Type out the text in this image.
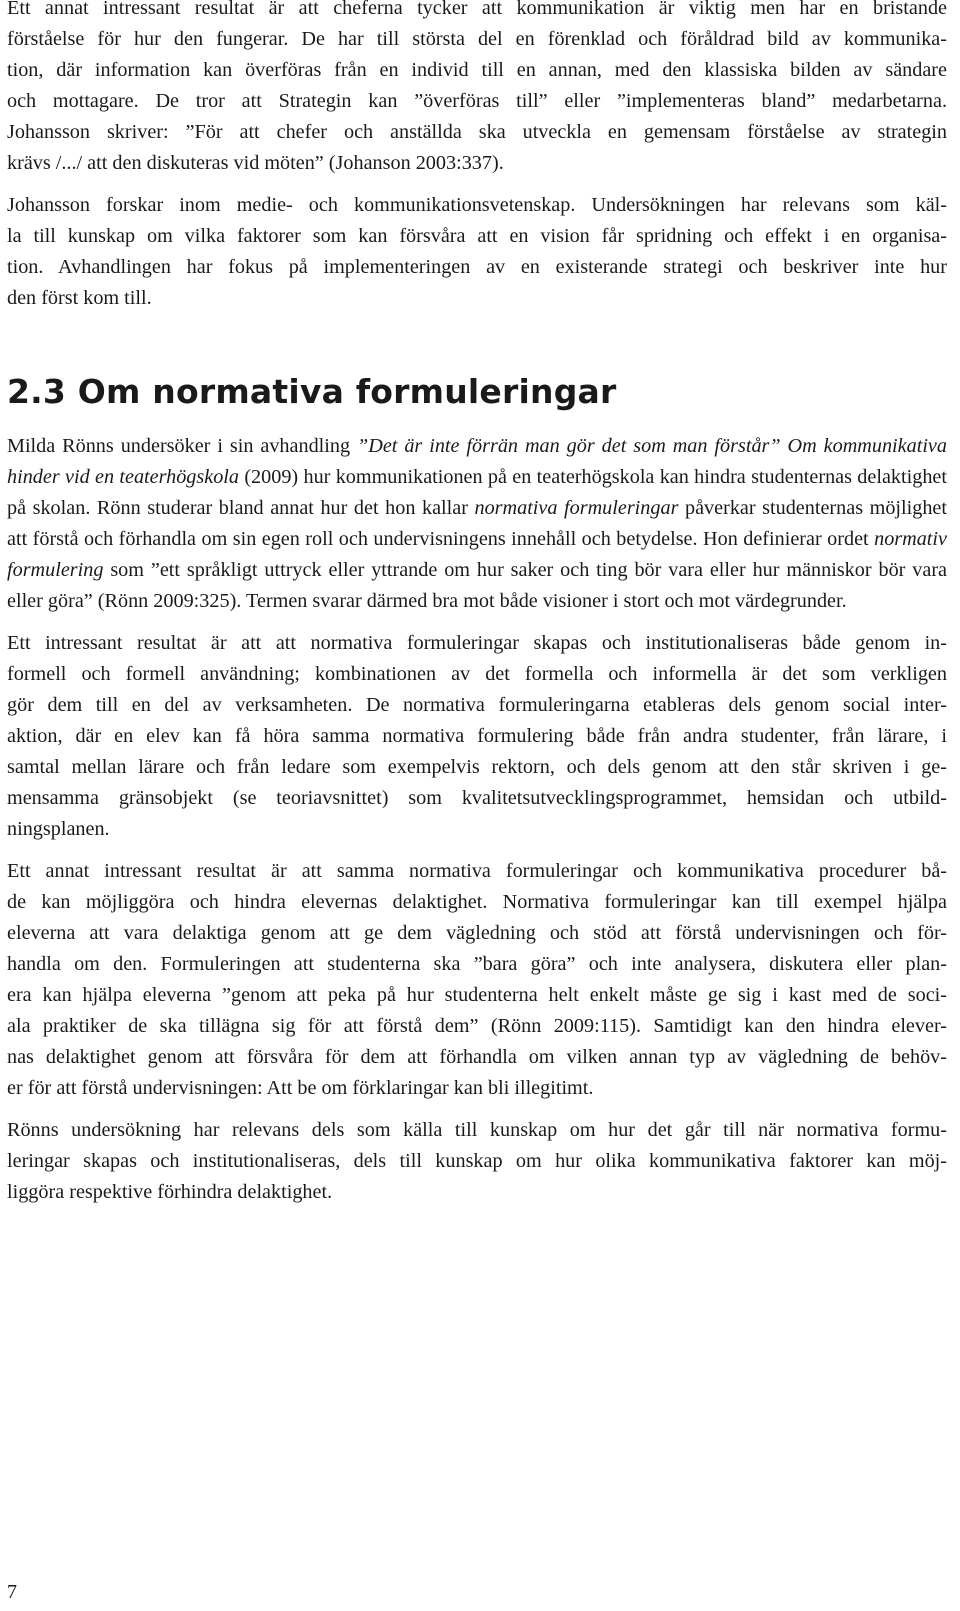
Ett annat intressant resultat är att cheferna tycker att kommunikation är viktig men har en bristande
förståelse för hur den fungerar. De har till största del en förenklad och föråldrad bild av kommunika-
tion, där information kan överföras från en individ till en annan, med den klassiska bilden av sändare
och mottagare. De tror att Strategin kan ”överföras till” eller ”implementeras bland” medarbetarna.
Johansson skriver: ”För att chefer och anställda ska utveckla en gemensam förståelse av strategin
krävs /.../ att den diskuteras vid möten” (Johanson 2003:337).

Johansson forskar inom medie- och kommunikationsvetenskap. Undersökningen har relevans som käl-
la till kunskap om vilka faktorer som kan försvåra att en vision får spridning och effekt i en organisa-
tion. Avhandlingen har fokus på implementeringen av en existerande strategi och beskriver inte hur
den först kom till.

2.3 Om normativa formuleringar

Milda Rönns undersöker i sin avhandling ”Det är inte förrän man gör det som man förstår” Om kommunikativa hinder vid en teaterhögskola (2009) hur kommunikationen på en teaterhögskola kan hindra studenternas delaktighet på skolan. Rönn studerar bland annat hur det hon kallar normativa formuleringar påverkar studenternas möjlighet att förstå och förhandla om sin egen roll och undervisningens innehåll och betydelse. Hon definierar ordet normativ formulering som ”ett språkligt uttryck eller yttrande om hur saker och ting bör vara eller hur människor bör vara eller göra” (Rönn 2009:325). Termen svarar därmed bra mot både visioner i stort och mot värdegrunder.

Ett intressant resultat är att att normativa formuleringar skapas och institutionaliseras både genom in-
formell och formell användning; kombinationen av det formella och informella är det som verkligen
gör dem till en del av verksamheten. De normativa formuleringarna etableras dels genom social inter-
aktion, där en elev kan få höra samma normativa formulering både från andra studenter, från lärare, i
samtal mellan lärare och från ledare som exempelvis rektorn, och dels genom att den står skriven i ge-
mensamma gränsobjekt (se teoriavsnittet) som kvalitetsutvecklingsprogrammet, hemsidan och utbild-
ningsplanen.

Ett annat intressant resultat är att samma normativa formuleringar och kommunikativa procedurer bå-
de kan möjliggöra och hindra elevernas delaktighet. Normativa formuleringar kan till exempel hjälpa
eleverna att vara delaktiga genom att ge dem vägledning och stöd att förstå undervisningen och för-
handla om den. Formuleringen att studenterna ska ”bara göra” och inte analysera, diskutera eller plan-
era kan hjälpa eleverna ”genom att peka på hur studenterna helt enkelt måste ge sig i kast med de soci-
ala praktiker de ska tillägna sig för att förstå dem” (Rönn 2009:115). Samtidigt kan den hindra elever-
nas delaktighet genom att försvåra för dem att förhandla om vilken annan typ av vägledning de behöv-
er för att förstå undervisningen: Att be om förklaringar kan bli illegitimt.

Rönns undersökning har relevans dels som källa till kunskap om hur det går till när normativa formu-
leringar skapas och institutionaliseras, dels till kunskap om hur olika kommunikativa faktorer kan möj-
liggöra respektive förhindra delaktighet.

7
